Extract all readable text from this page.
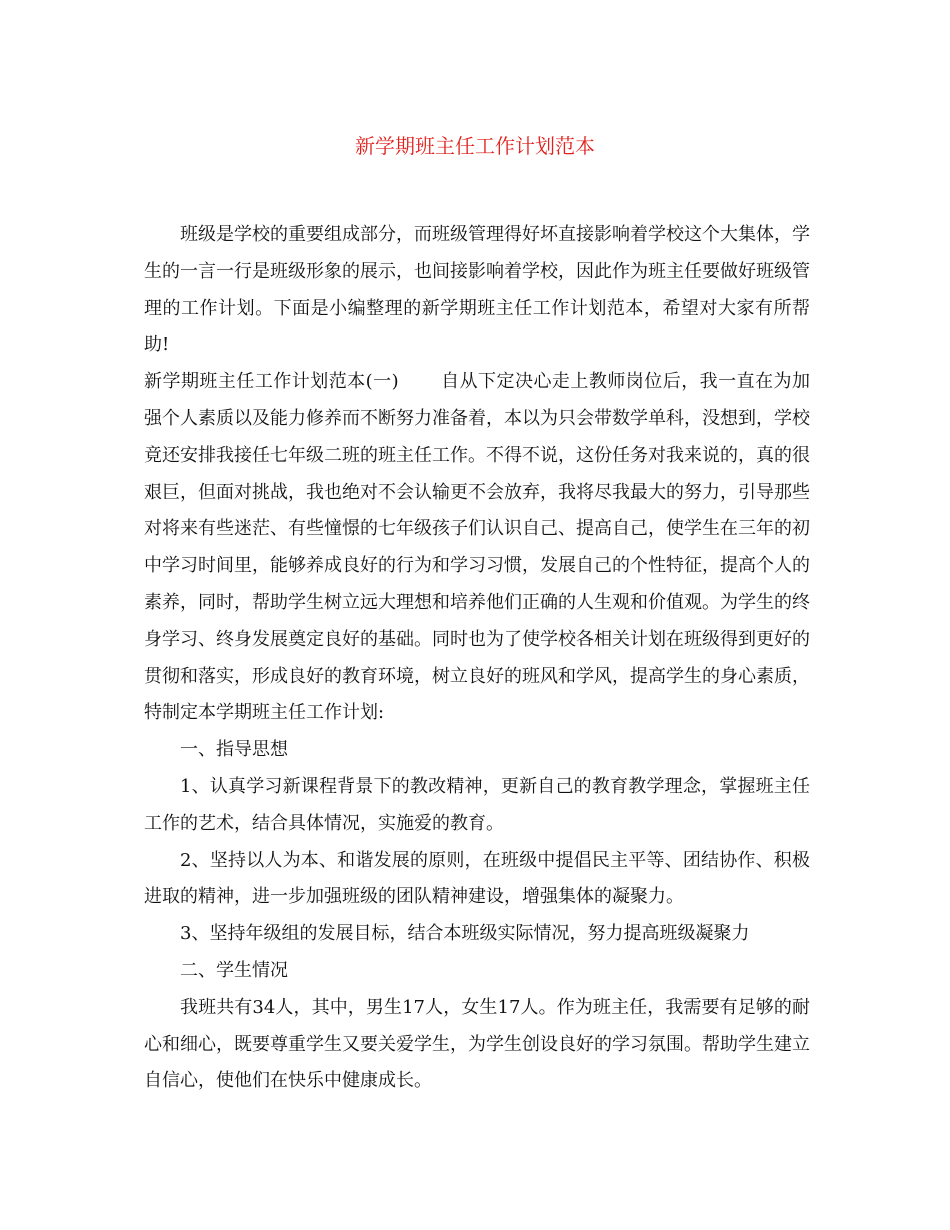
新学期班主任工作计划范本

班级是学校的重要组成部分，而班级管理得好坏直接影响着学校这个大集体，学生的一言一行是班级形象的展示，也间接影响着学校，因此作为班主任要做好班级管理的工作计划。下面是小编整理的新学期班主任工作计划范本，希望对大家有所帮助!

新学期班主任工作计划范本(一) 自从下定决心走上教师岗位后，我一直在为加强个人素质以及能力修养而不断努力准备着，本以为只会带数学单科，没想到，学校竟还安排我接任七年级二班的班主任工作。不得不说，这份任务对我来说的，真的很艰巨，但面对挑战，我也绝对不会认输更不会放弃，我将尽我最大的努力，引导那些对将来有些迷茫、有些憧憬的七年级孩子们认识自己、提高自己，使学生在三年的初中学习时间里，能够养成良好的行为和学习习惯，发展自己的个性特征，提高个人的素养，同时，帮助学生树立远大理想和培养他们正确的人生观和价值观。为学生的终身学习、终身发展奠定良好的基础。同时也为了使学校各相关计划在班级得到更好的贯彻和落实，形成良好的教育环境，树立良好的班风和学风，提高学生的身心素质，特制定本学期班主任工作计划:

一、指导思想

1、认真学习新课程背景下的教改精神，更新自己的教育教学理念，掌握班主任工作的艺术，结合具体情况，实施爱的教育。

2、坚持以人为本、和谐发展的原则，在班级中提倡民主平等、团结协作、积极进取的精神，进一步加强班级的团队精神建设，增强集体的凝聚力。

3、坚持年级组的发展目标，结合本班级实际情况，努力提高班级凝聚力

二、学生情况

我班共有34人，其中，男生17人，女生17人。作为班主任，我需要有足够的耐心和细心，既要尊重学生又要关爱学生，为学生创设良好的学习氛围。帮助学生建立自信心，使他们在快乐中健康成长。
